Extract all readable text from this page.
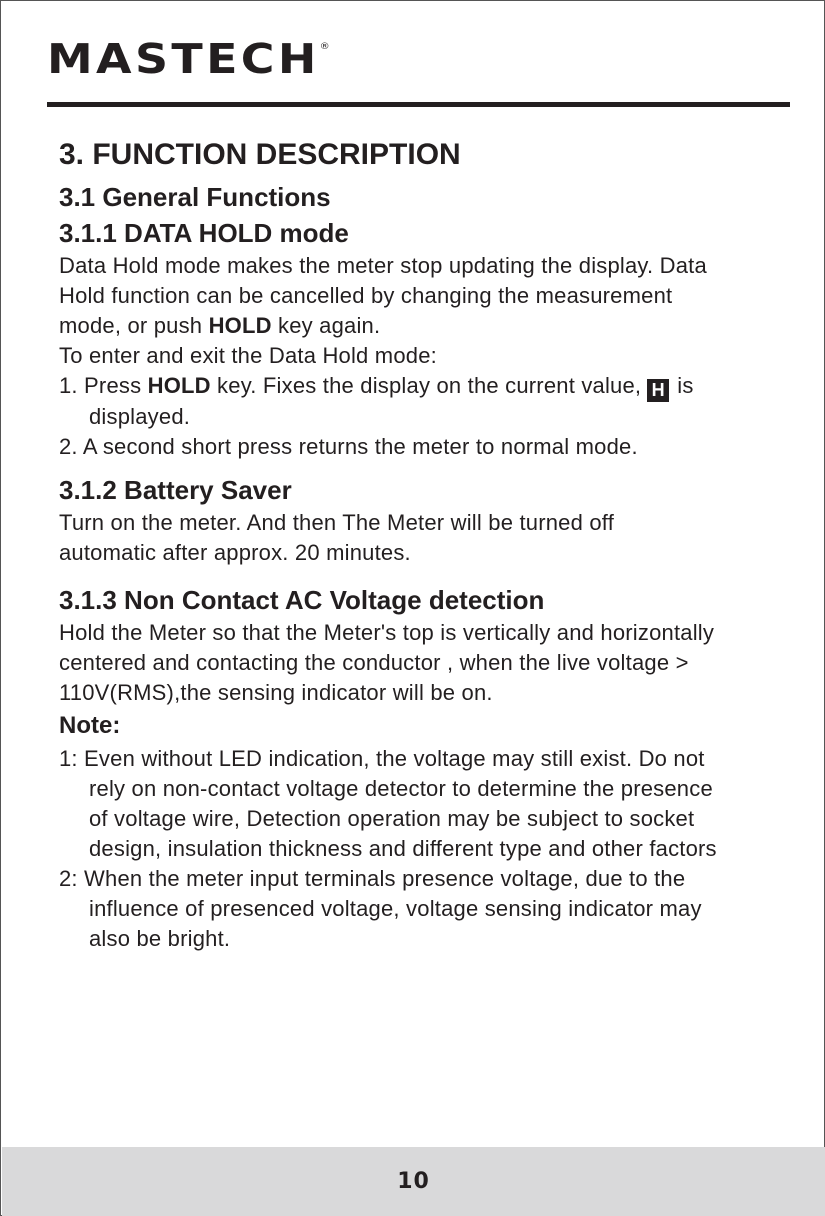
MASTECH®
3. FUNCTION DESCRIPTION
3.1 General Functions
3.1.1 DATA HOLD mode

Data Hold mode makes the meter stop updating the display. Data Hold function can be cancelled by changing the measurement mode, or push HOLD key again.

To enter and exit the Data Hold mode:

1. Press HOLD key. Fixes the display on the current value, H is displayed.
2. A second short press returns the meter to normal mode.
3.1.2 Battery Saver

Turn on the meter. And then The Meter will be turned off automatic after approx. 20 minutes.

3.1.3 Non Contact AC Voltage detection

Hold the Meter so that the Meter's top is vertically and horizontally centered and contacting the conductor , when the live voltage > 110V(RMS),the sensing indicator will be on.

Note:
1: Even without LED indication, the voltage may still exist. Do not rely on non-contact voltage detector to determine the presence of voltage wire, Detection operation may be subject to socket design, insulation thickness and different type and other factors
2: When the meter input terminals presence voltage, due to the influence of presenced voltage, voltage sensing indicator may also be bright.
10
